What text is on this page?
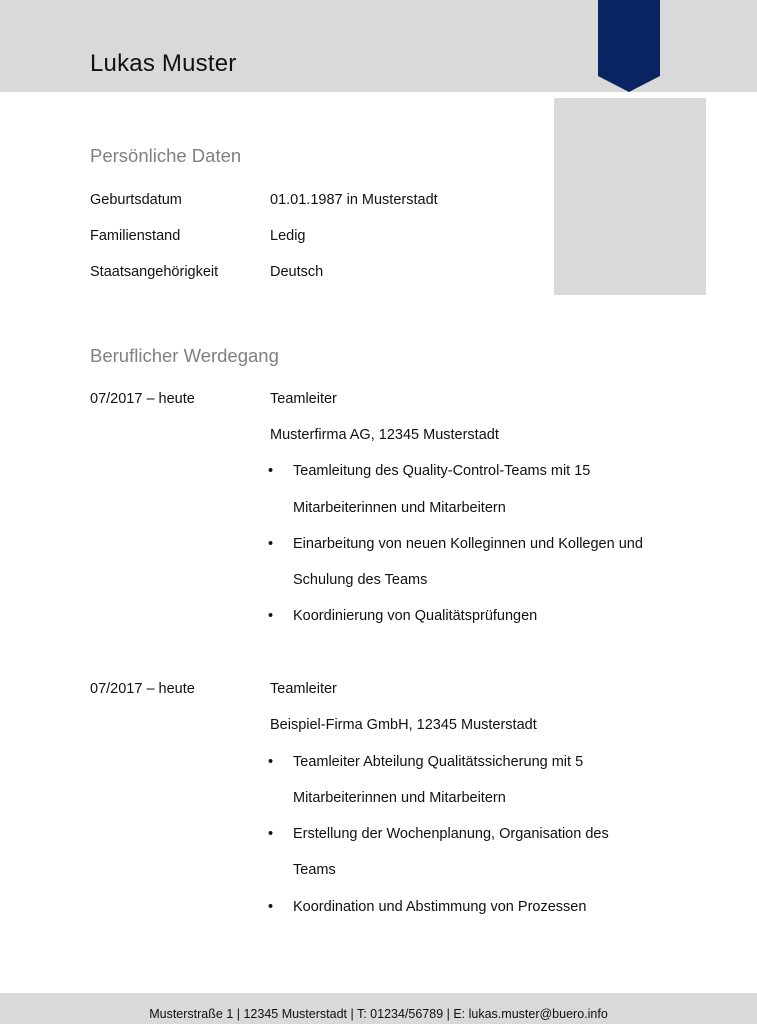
Lukas Muster
Persönliche Daten
Geburtsdatum	01.01.1987 in Musterstadt
Familienstand	Ledig
Staatsangehörigkeit	Deutsch
Beruflicher Werdegang
07/2017 – heute	Teamleiter
Musterfirma AG, 12345 Musterstadt
• Teamleitung des Quality-Control-Teams mit 15
Mitarbeiterinnen und Mitarbeitern
• Einarbeitung von neuen Kolleginnen und Kollegen und
Schulung des Teams
• Koordinierung von Qualitätsprüfungen
07/2017 – heute	Teamleiter
Beispiel-Firma GmbH, 12345 Musterstadt
• Teamleiter Abteilung Qualitätssicherung mit 5
Mitarbeiterinnen und Mitarbeitern
• Erstellung der Wochenplanung, Organisation des
Teams
• Koordination und Abstimmung von Prozessen
Musterstraße 1 | 12345 Musterstadt | T: 01234/56789 | E: lukas.muster@buero.info
